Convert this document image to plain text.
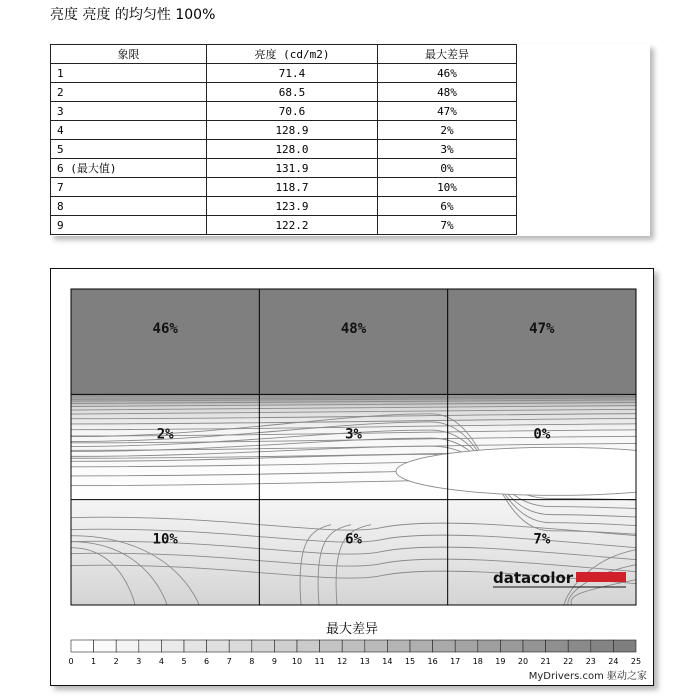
亮度 亮度 的均匀性 100%
象限	亮度 (cd/m2)	最大差异
1	71.4	46%
2	68.5	48%
3	70.6	47%
4	128.9	2%
5	128.0	3%
6 (最大值)	131.9	0%
7	118.7	10%
8	123.9	6%
9	122.2	7%
46%	48%	47%
2%	3%	0%
10%	6%	7%
最大差异
0 1 2 3 4 5 6 7 8 9 10 11 12 13 14 15 16 17 18 19 20 21 22 23 24 25
datacolor
MyDrivers.com 驱动之家
